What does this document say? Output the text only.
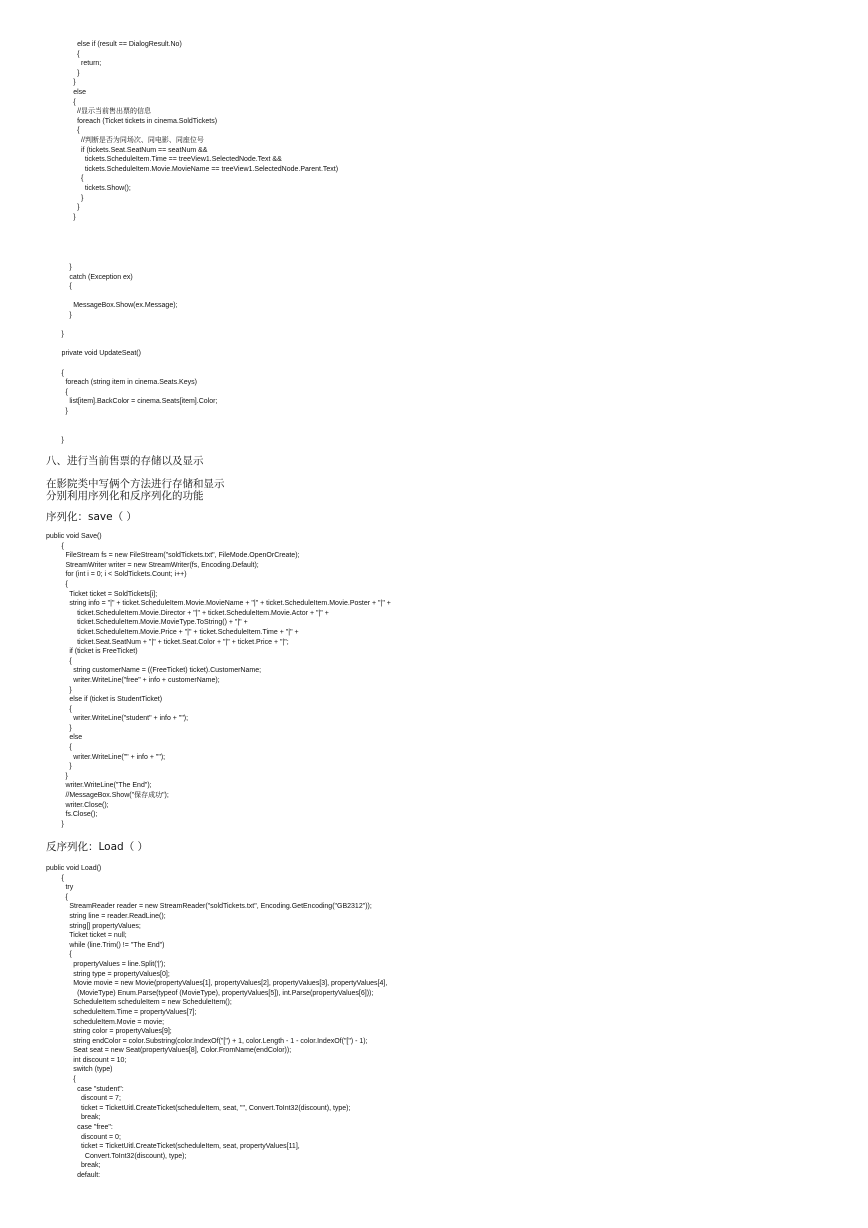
else if (result == DialogResult.No)
{
return;
}
}
else
{
//显示当前售出票的信息
foreach (Ticket tickets in cinema.SoldTickets)
{
//判断是否为同场次、同电影、同座位号
if (tickets.Seat.SeatNum == seatNum &&
tickets.ScheduleItem.Time == treeView1.SelectedNode.Text &&
tickets.ScheduleItem.Movie.MovieName == treeView1.SelectedNode.Parent.Text)
{
tickets.Show();
}
}
}
}
catch (Exception ex)
{

MessageBox.Show(ex.Message);
}

}

private void UpdateSeat()

{
foreach (string item in cinema.Seats.Keys)
{
list[item].BackColor = cinema.Seats[item].Color;
}

}
八、进行当前售票的存储以及显示
在影院类中写俩个方法进行存储和显示
分别利用序列化和反序列化的功能
序列化：save（ ）
public void Save()
{
FileStream fs = new FileStream("soldTickets.txt", FileMode.OpenOrCreate);
StreamWriter writer = new StreamWriter(fs, Encoding.Default);
for (int i = 0; i < SoldTickets.Count; i++)
{
Ticket ticket = SoldTickets[i];
string info = "|" + ticket.ScheduleItem.Movie.MovieName + "|" + ticket.ScheduleItem.Movie.Poster + "|" +
ticket.ScheduleItem.Movie.Director + "|" + ticket.ScheduleItem.Movie.Actor + "|" +
ticket.ScheduleItem.Movie.MovieType.ToString() + "|" +
ticket.ScheduleItem.Movie.Price + "|" + ticket.ScheduleItem.Time + "|" +
ticket.Seat.SeatNum + "|" + ticket.Seat.Color + "|" + ticket.Price + "|";
if (ticket is FreeTicket)
{
string customerName = ((FreeTicket) ticket).CustomerName;
writer.WriteLine("free" + info + customerName);
}
else if (ticket is StudentTicket)
{
writer.WriteLine("student" + info + "");
}
else
{
writer.WriteLine("" + info + "");
}
}
writer.WriteLine("The End");
//MessageBox.Show("保存成功");
writer.Close();
fs.Close();
}
反序列化：Load（ ）
public void Load()
{
try
{
StreamReader reader = new StreamReader("soldTickets.txt", Encoding.GetEncoding("GB2312"));
string line = reader.ReadLine();
string[] propertyValues;
Ticket ticket = null;
while (line.Trim() != "The End")
{
propertyValues = line.Split('|');
string type = propertyValues[0];
Movie movie = new Movie(propertyValues[1], propertyValues[2], propertyValues[3], propertyValues[4],
(MovieType) Enum.Parse(typeof (MovieType), propertyValues[5]), int.Parse(propertyValues[6]));
ScheduleItem scheduleItem = new ScheduleItem();
scheduleItem.Time = propertyValues[7];
scheduleItem.Movie = movie;
string color = propertyValues[9];
string endColor = color.Substring(color.IndexOf("[") + 1, color.Length - 1 - color.IndexOf("[") - 1);
Seat seat = new Seat(propertyValues[8], Color.FromName(endColor));
int discount = 10;
switch (type)
{
case "student":
discount = 7;
ticket = TicketUitl.CreateTicket(scheduleItem, seat, "", Convert.ToInt32(discount), type);
break;
case "free":
discount = 0;
ticket = TicketUitl.CreateTicket(scheduleItem, seat, propertyValues[11],
Convert.ToInt32(discount), type);
break;
default:
